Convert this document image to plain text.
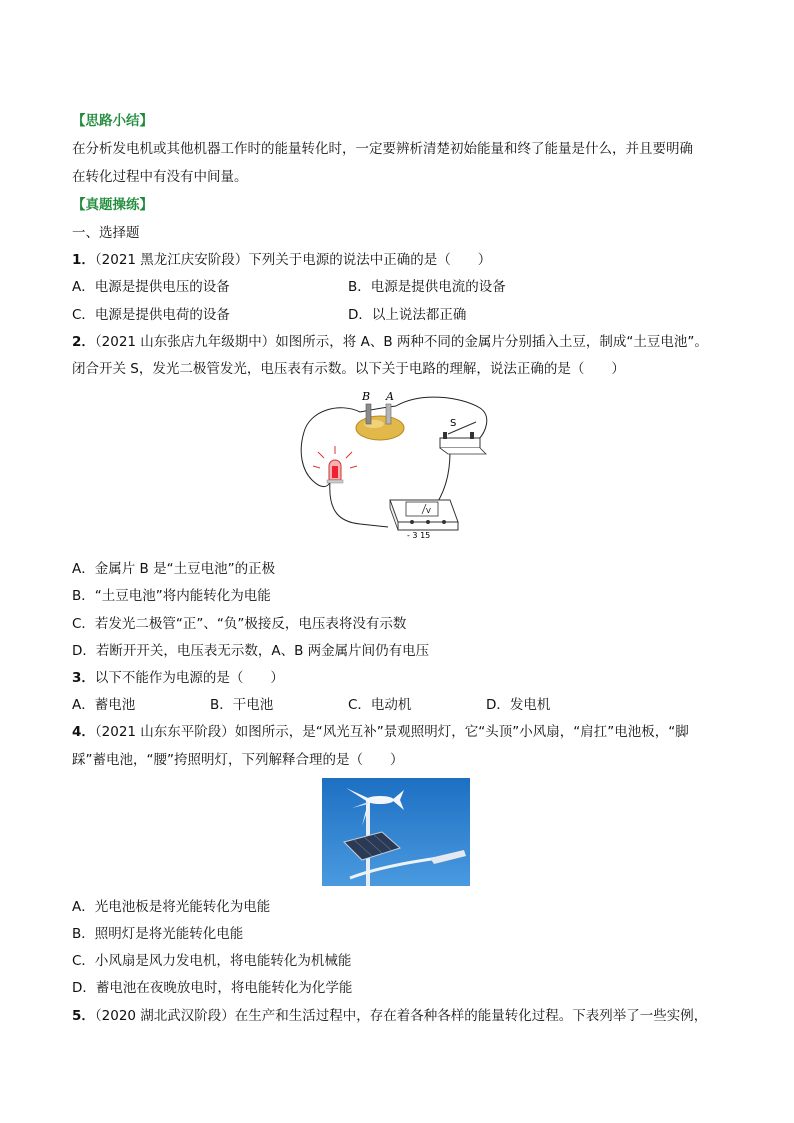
【思路小结】
在分析发电机或其他机器工作时的能量转化时，一定要辨析清楚初始能量和终了能量是什么，并且要明确
在转化过程中有没有中间量。
【真题操练】
一、选择题
1．（2021 黑龙江庆安阶段）下列关于电源的说法中正确的是（　　）
A．电源是提供电压的设备	B．电源是提供电流的设备
C．电源是提供电荷的设备	D．以上说法都正确
2．（2021 山东张店九年级期中）如图所示，将 A、B 两种不同的金属片分别插入土豆，制成“土豆电池”。
闭合开关 S，发光二极管发光，电压表有示数。以下关于电路的理解，说法正确的是（　　）
B A
S
V
- 3 15
A．金属片 B 是“土豆电池”的正极
B．“土豆电池”将内能转化为电能
C．若发光二极管“正”、“负”极接反，电压表将没有示数
D．若断开开关，电压表无示数，A、B 两金属片间仍有电压
3．以下不能作为电源的是（　　）
A．蓄电池	B．干电池	C．电动机	D．发电机
4．（2021 山东东平阶段）如图所示，是“风光互补”景观照明灯，它“头顶”小风扇，“肩扛”电池板，“脚
踩”蓄电池，“腰”挎照明灯，下列解释合理的是（　　）
A．光电池板是将光能转化为电能
B．照明灯是将光能转化电能
C．小风扇是风力发电机，将电能转化为机械能
D．蓄电池在夜晚放电时，将电能转化为化学能
5．（2020 湖北武汉阶段）在生产和生活过程中，存在着各种各样的能量转化过程。下表列举了一些实例，
